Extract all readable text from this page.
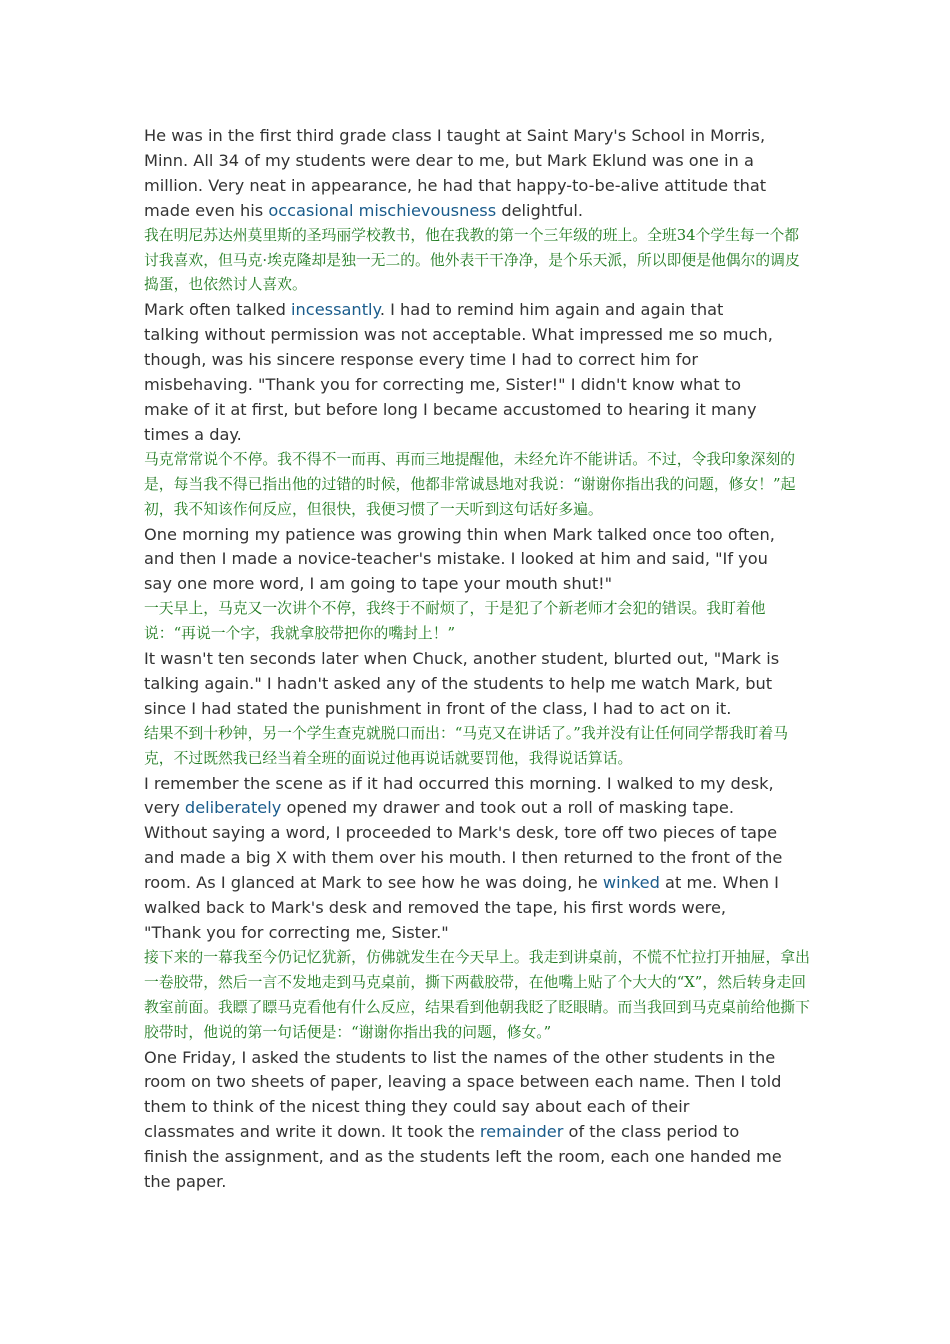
He was in the first third grade class I taught at Saint Mary's School in Morris,
Minn. All 34 of my students were dear to me, but Mark Eklund was one in a
million. Very neat in appearance, he had that happy-to-be-alive attitude that
made even his occasional mischievousness delightful.

我在明尼苏达州莫里斯的圣玛丽学校教书，他在我教的第一个三年级的班上。全班34个学生每一个都讨我喜欢，但马克·埃克隆却是独一无二的。他外表干干净净，是个乐天派，所以即便是他偶尔的调皮捣蛋，也依然讨人喜欢。

Mark often talked incessantly. I had to remind him again and again that
talking without permission was not acceptable. What impressed me so much,
though, was his sincere response every time I had to correct him for
misbehaving. "Thank you for correcting me, Sister!" I didn't know what to
make of it at first, but before long I became accustomed to hearing it many
times a day.

马克常常说个不停。我不得不一而再、再而三地提醒他，未经允许不能讲话。不过，令我印象深刻的是，每当我不得已指出他的过错的时候，他都非常诚恳地对我说：“谢谢你指出我的问题，修女！”起初，我不知该作何反应，但很快，我便习惯了一天听到这句话好多遍。

One morning my patience was growing thin when Mark talked once too often,
and then I made a novice-teacher's mistake. I looked at him and said, "If you
say one more word, I am going to tape your mouth shut!"

一天早上，马克又一次讲个不停，我终于不耐烦了，于是犯了个新老师才会犯的错误。我盯着他说：“再说一个字，我就拿胶带把你的嘴封上！”

It wasn't ten seconds later when Chuck, another student, blurted out, "Mark is
talking again." I hadn't asked any of the students to help me watch Mark, but
since I had stated the punishment in front of the class, I had to act on it.

结果不到十秒钟，另一个学生查克就脱口而出：“马克又在讲话了。”我并没有让任何同学帮我盯着马克，不过既然我已经当着全班的面说过他再说话就要罚他，我得说话算话。

I remember the scene as if it had occurred this morning. I walked to my desk,
very deliberately opened my drawer and took out a roll of masking tape.
Without saying a word, I proceeded to Mark's desk, tore off two pieces of tape
and made a big X with them over his mouth. I then returned to the front of the
room. As I glanced at Mark to see how he was doing, he winked at me. When I
walked back to Mark's desk and removed the tape, his first words were,
"Thank you for correcting me, Sister."

接下来的一幕我至今仍记忆犹新，仿佛就发生在今天早上。我走到讲桌前，不慌不忙拉打开抽屉，拿出一卷胶带，然后一言不发地走到马克桌前，撕下两截胶带，在他嘴上贴了个大大的“X”，然后转身走回教室前面。我瞟了瞟马克看他有什么反应，结果看到他朝我眨了眨眼睛。而当我回到马克桌前给他撕下胶带时，他说的第一句话便是：“谢谢你指出我的问题，修女。”

One Friday, I asked the students to list the names of the other students in the
room on two sheets of paper, leaving a space between each name. Then I told
them to think of the nicest thing they could say about each of their
classmates and write it down. It took the remainder of the class period to
finish the assignment, and as the students left the room, each one handed me
the paper.
